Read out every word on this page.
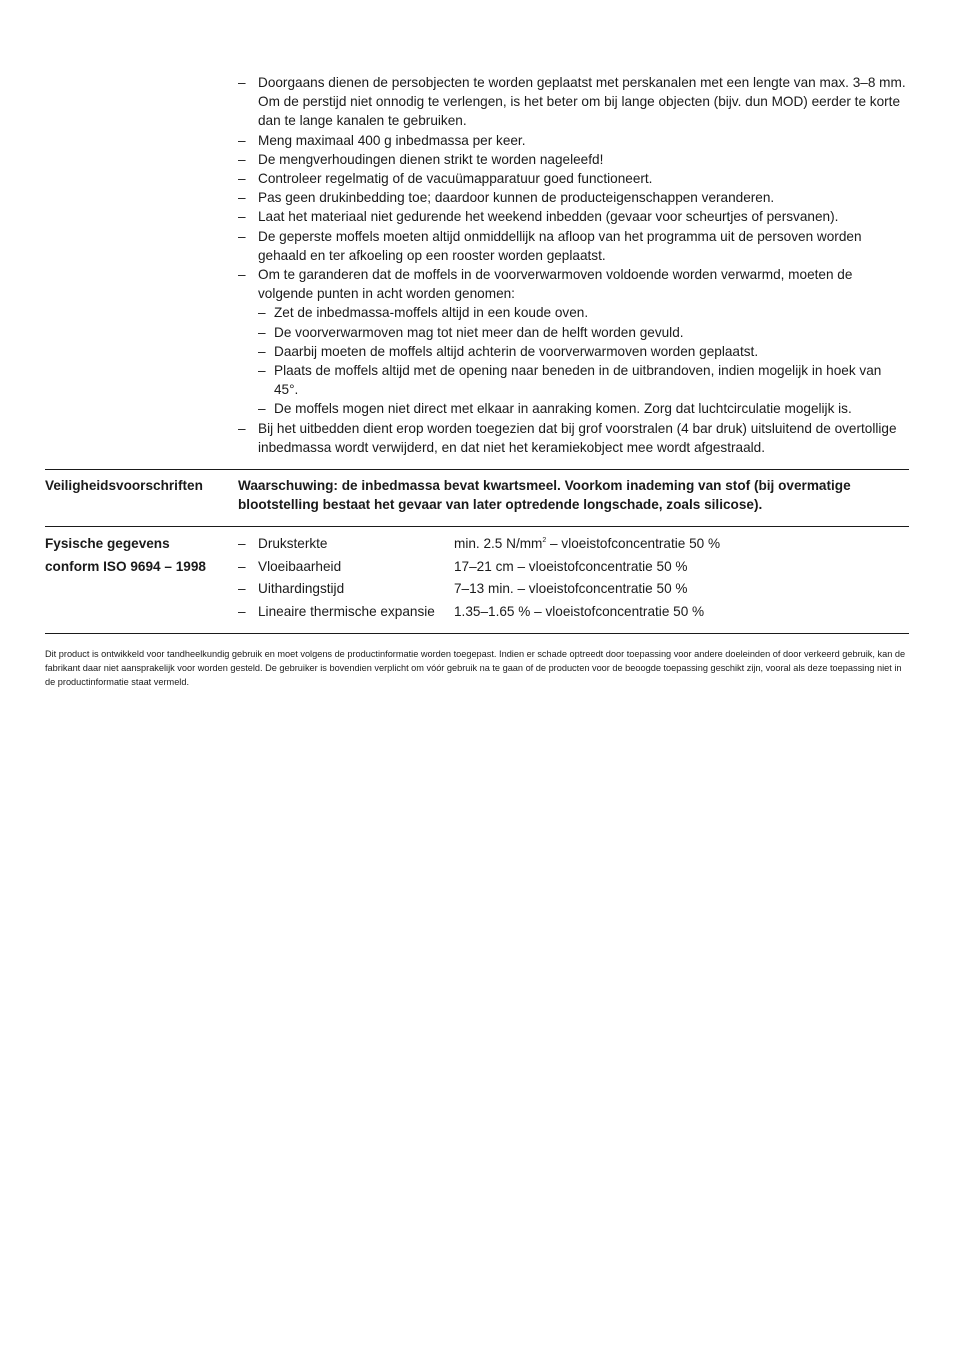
– Doorgaans dienen de persobjecten te worden geplaatst met perskanalen met een lengte van max. 3–8 mm. Om de perstijd niet onnodig te verlengen, is het beter om bij lange objecten (bijv. dun MOD) eerder te korte dan te lange kanalen te gebruiken.
– Meng maximaal 400 g inbedmassa per keer.
– De mengverhoudingen dienen strikt te worden nageleefd!
– Controleer regelmatig of de vacuümapparatuur goed functioneert.
– Pas geen drukinbedding toe; daardoor kunnen de producteigenschappen veranderen.
– Laat het materiaal niet gedurende het weekend inbedden (gevaar voor scheurtjes of persvanen).
– De geperste moffels moeten altijd onmiddellijk na afloop van het programma uit de persoven worden gehaald en ter afkoeling op een rooster worden geplaatst.
– Om te garanderen dat de moffels in de voorverwarmoven voldoende worden verwarmd, moeten de volgende punten in acht worden genomen:
– Zet de inbedmassa-moffels altijd in een koude oven.
– De voorverwarmoven mag tot niet meer dan de helft worden gevuld.
– Daarbij moeten de moffels altijd achterin de voorverwarmoven worden geplaatst.
– Plaats de moffels altijd met de opening naar beneden in de uitbrandoven, indien mogelijk in hoek van 45°.
– De moffels mogen niet direct met elkaar in aanraking komen. Zorg dat luchtcirculatie mogelijk is.
– Bij het uitbedden dient erop worden toegezien dat bij grof voorstralen (4 bar druk) uitsluitend de overtollige inbedmassa wordt verwijderd, en dat niet het keramiekobject mee wordt afgestraald.
Veiligheidsvoorschriften	Waarschuwing: de inbedmassa bevat kwartsmeel. Voorkom inademing van stof (bij overmatige blootstelling bestaat het gevaar van later optredende longschade, zoals silicose).
Fysische gegevens
conform ISO 9694 – 1998
– Druksterkte	min. 2.5 $N/mm^2$ – vloeistofconcentratie 50 %
– Vloeibaarheid	17–21 cm – vloeistofconcentratie 50 %
– Uithardingstijd	7–13 min. – vloeistofconcentratie 50 %
– Lineaire thermische expansie	1.35–1.65 % – vloeistofconcentratie 50 %
Dit product is ontwikkeld voor tandheelkundig gebruik en moet volgens de productinformatie worden toegepast. Indien er schade optreedt door toepassing voor andere doeleinden of door verkeerd gebruik, kan de fabrikant daar niet aansprakelijk voor worden gesteld. De gebruiker is bovendien verplicht om vóór gebruik na te gaan of de producten voor de beoogde toepassing geschikt zijn, vooral als deze toepassing niet in de productinformatie staat vermeld.
